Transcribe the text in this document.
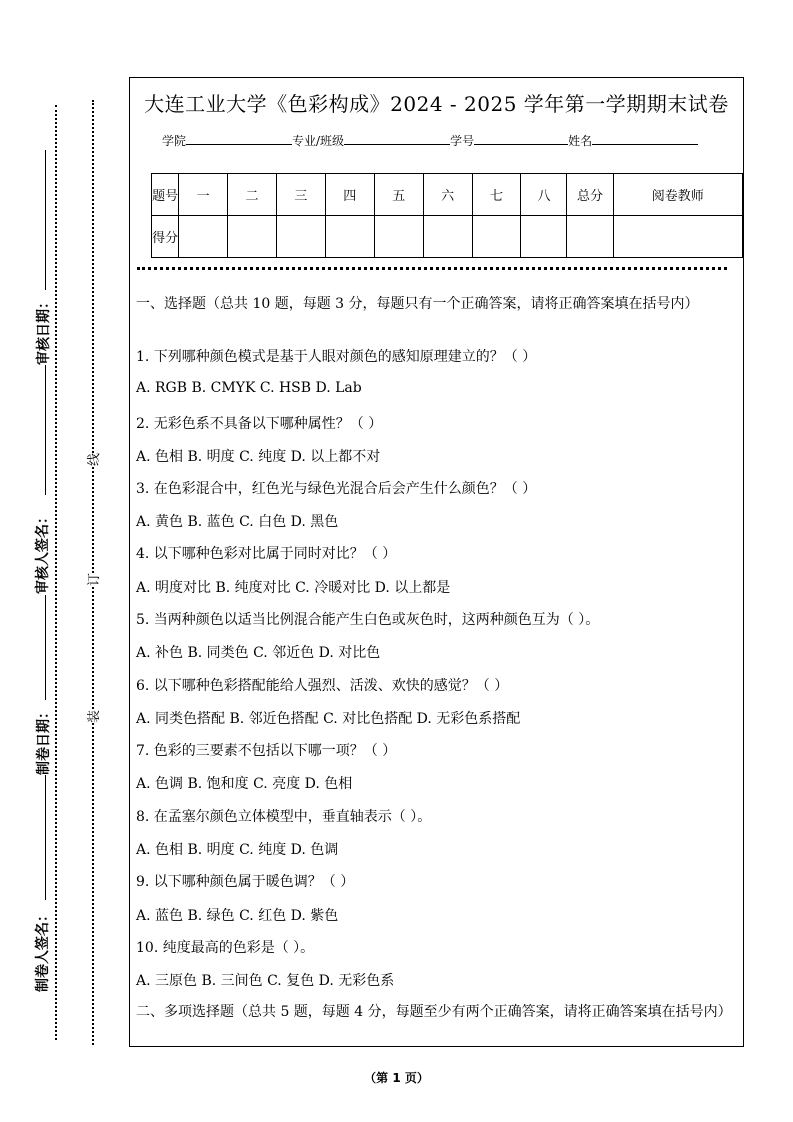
审核日期：
审核人签名：
制卷日期：
制卷人签名：
线
订
装
大连工业大学《色彩构成》2024 - 2025 学年第一学期期末试卷
学院	专业/班级	学号	姓名
题号	一	二	三	四	五	六	七	八	总分	阅卷教师
得分										
一、选择题（总共 10 题，每题 3 分，每题只有一个正确答案，请将正确答案填在括号内）
1. 下列哪种颜色模式是基于人眼对颜色的感知原理建立的？（ ）
A. RGB B. CMYK C. HSB D. Lab
2. 无彩色系不具备以下哪种属性？（ ）
A. 色相 B. 明度 C. 纯度 D. 以上都不对
3. 在色彩混合中，红色光与绿色光混合后会产生什么颜色？（ ）
A. 黄色 B. 蓝色 C. 白色 D. 黑色
4. 以下哪种色彩对比属于同时对比？（ ）
A. 明度对比 B. 纯度对比 C. 冷暖对比 D. 以上都是
5. 当两种颜色以适当比例混合能产生白色或灰色时，这两种颜色互为（ ）。
A. 补色 B. 同类色 C. 邻近色 D. 对比色
6. 以下哪种色彩搭配能给人强烈、活泼、欢快的感觉？（ ）
A. 同类色搭配 B. 邻近色搭配 C. 对比色搭配 D. 无彩色系搭配
7. 色彩的三要素不包括以下哪一项？（ ）
A. 色调 B. 饱和度 C. 亮度 D. 色相
8. 在孟塞尔颜色立体模型中，垂直轴表示（ ）。
A. 色相 B. 明度 C. 纯度 D. 色调
9. 以下哪种颜色属于暖色调？（ ）
A. 蓝色 B. 绿色 C. 红色 D. 紫色
10. 纯度最高的色彩是（ ）。
A. 三原色 B. 三间色 C. 复色 D. 无彩色系
二、多项选择题（总共 5 题，每题 4 分，每题至少有两个正确答案，请将正确答案填在括号内）
（第 1 页）
